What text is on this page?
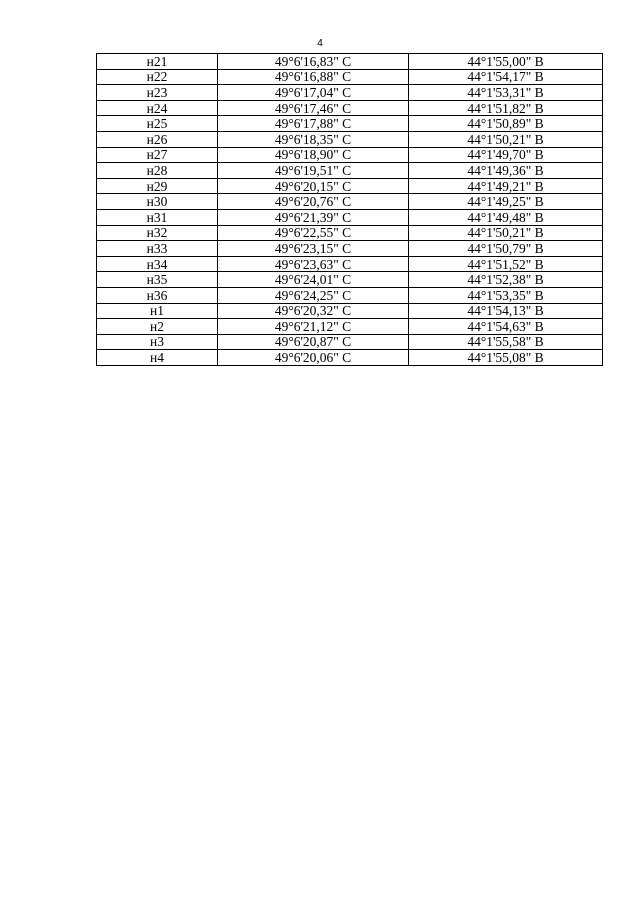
4
н21	49°6'16,83" С	44°1'55,00" В
н22	49°6'16,88" С	44°1'54,17" В
н23	49°6'17,04" С	44°1'53,31" В
н24	49°6'17,46" С	44°1'51,82" В
н25	49°6'17,88" С	44°1'50,89" В
н26	49°6'18,35" С	44°1'50,21" В
н27	49°6'18,90" С	44°1'49,70" В
н28	49°6'19,51" С	44°1'49,36" В
н29	49°6'20,15" С	44°1'49,21" В
н30	49°6'20,76" С	44°1'49,25" В
н31	49°6'21,39" С	44°1'49,48" В
н32	49°6'22,55" С	44°1'50,21" В
н33	49°6'23,15" С	44°1'50,79" В
н34	49°6'23,63" С	44°1'51,52" В
н35	49°6'24,01" С	44°1'52,38" В
н36	49°6'24,25" С	44°1'53,35" В
н1	49°6'20,32" С	44°1'54,13" В
н2	49°6'21,12" С	44°1'54,63" В
н3	49°6'20,87" С	44°1'55,58" В
н4	49°6'20,06" С	44°1'55,08" В
